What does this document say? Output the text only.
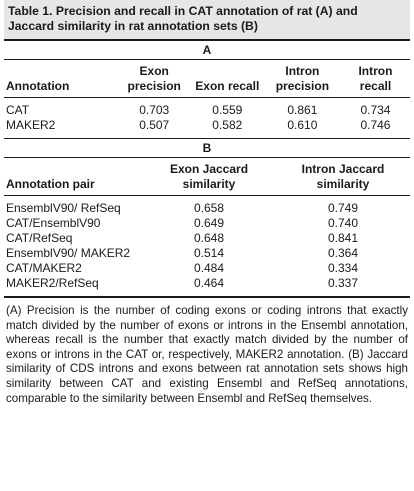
Table 1. Precision and recall in CAT annotation of rat (A) and Jaccard similarity in rat annotation sets (B)
A
Annotation	Exon precision	Exon recall	Intron precision	Intron recall
CAT	0.703	0.559	0.861	0.734
MAKER2	0.507	0.582	0.610	0.746
B
Annotation pair	Exon Jaccard similarity	Intron Jaccard similarity
EnsemblV90/ RefSeq	0.658	0.749
CAT/EnsemblV90	0.649	0.740
CAT/RefSeq	0.648	0.841
EnsemblV90/ MAKER2	0.514	0.364
CAT/MAKER2	0.484	0.334
MAKER2/RefSeq	0.464	0.337
(A) Precision is the number of coding exons or coding introns that exactly match divided by the number of exons or introns in the Ensembl annotation, whereas recall is the number that exactly match divided by the number of exons or introns in the CAT or, respectively, MAKER2 annotation. (B) Jaccard similarity of CDS introns and exons between rat annotation sets shows high similarity between CAT and existing Ensembl and RefSeq annotations, comparable to the similarity between Ensembl and RefSeq themselves.
